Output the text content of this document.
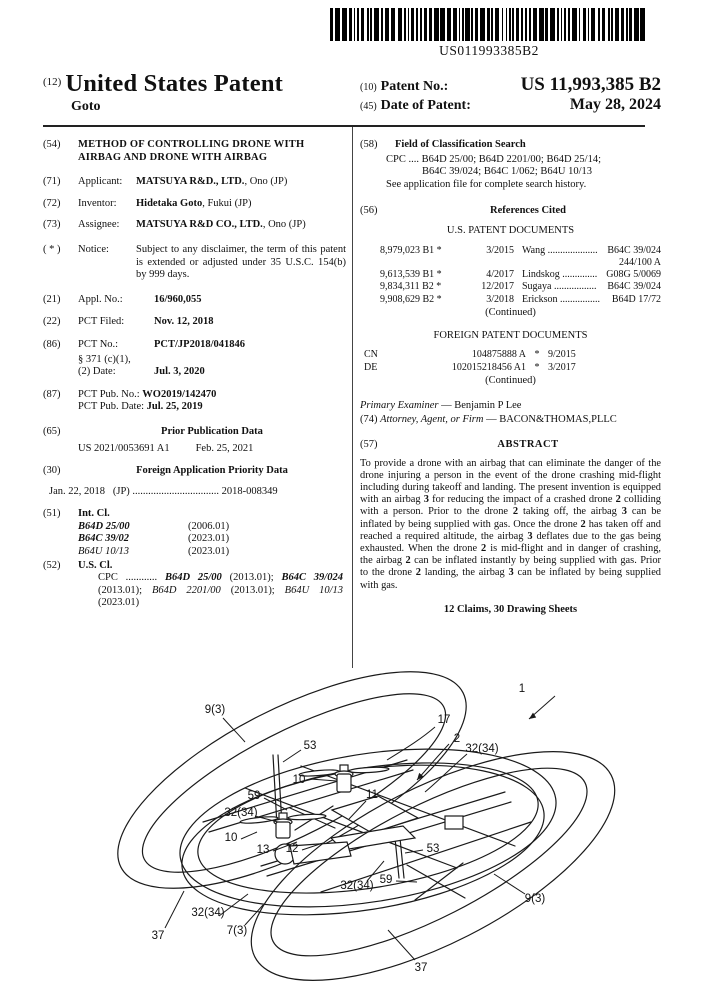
US011993385B2
$^{(12)}$ United States Patent
Goto
(10) Patent No.:	US 11,993,385 B2
(45) Date of Patent:	May 28, 2024
(54)	METHOD OF CONTROLLING DRONE WITH AIRBAG AND DRONE WITH AIRBAG
(71)	Applicant:	MATSUYA R&D., LTD., Ono (JP)
(72)	Inventor:	Hidetaka Goto, Fukui (JP)
(73)	Assignee:	MATSUYA R&D CO., LTD., Ono (JP)
( * )	Notice:	Subject to any disclaimer, the term of this patent is extended or adjusted under 35 U.S.C. 154(b) by 999 days.
(21)	Appl. No.:	16/960,055
(22)	PCT Filed:	Nov. 12, 2018
(86)	PCT No.:	PCT/JP2018/041846
§ 371 (c)(1),
(2) Date:	Jul. 3, 2020
(87)	PCT Pub. No.: WO2019/142470
PCT Pub. Date: Jul. 25, 2019
(65)	Prior Publication Data
US 2021/0053691 A1 Feb. 25, 2021
(30)	Foreign Application Priority Data
Jan. 22, 2018 (JP) ................................. 2018-008349
(51)	Int. Cl.
B64D 25/00	(2006.01)
B64C 39/02	(2023.01)
B64U 10/13	(2023.01)
(52)	U.S. Cl.
CPC ............ B64D 25/00 (2013.01); B64C 39/024 (2013.01); B64D 2201/00 (2013.01); B64U 10/13 (2023.01)
(58)	Field of Classification Search
CPC .... B64D 25/00; B64D 2201/00; B64D 25/14;
B64C 39/024; B64C 1/062; B64U 10/13
See application file for complete search history.
(56)	References Cited
U.S. PATENT DOCUMENTS
8,979,023 B1 *	3/2015 Wang .................... B64C 39/024
244/100 A
9,613,539 B1 *	4/2017 Lindskog .............. G08G 5/0069
9,834,311 B2 *	12/2017 Sugaya .................	B64C 39/024
9,908,629 B2 *	3/2018 Erickson ................	B64D 17/72
(Continued)
FOREIGN PATENT DOCUMENTS
CN	104875888 A * 9/2015
DE	102015218456 A1 * 3/2017
(Continued)
Primary Examiner — Benjamin P Lee
(74) Attorney, Agent, or Firm — BACON&THOMAS,PLLC
(57)	ABSTRACT
To provide a drone with an airbag that can eliminate the danger of the drone injuring a person in the event of the drone crashing mid-flight including during takeoff and landing. The present invention is equipped with an airbag 3 for reducing the impact of a crashed drone 2 colliding with a person. Prior to the drone 2 taking off, the airbag 3 can be inflated by being supplied with gas. Once the drone 2 has taken off and reached a required altitude, the airbag 3 deflates due to the gas being exhausted. When the drone 2 is mid-flight and in danger of crashing, the airbag 2 can be inflated instantly by being supplied with gas. Prior to the drone 2 landing, the airbag 3 can be inflated by being supplied with gas.
12 Claims, 30 Drawing Sheets
1
9(3)
17
2
32(34)
53
10
11
59
32(34)
10
13 12	53
59
32(34)
9(3)
32(34)
7(3)
37
37
